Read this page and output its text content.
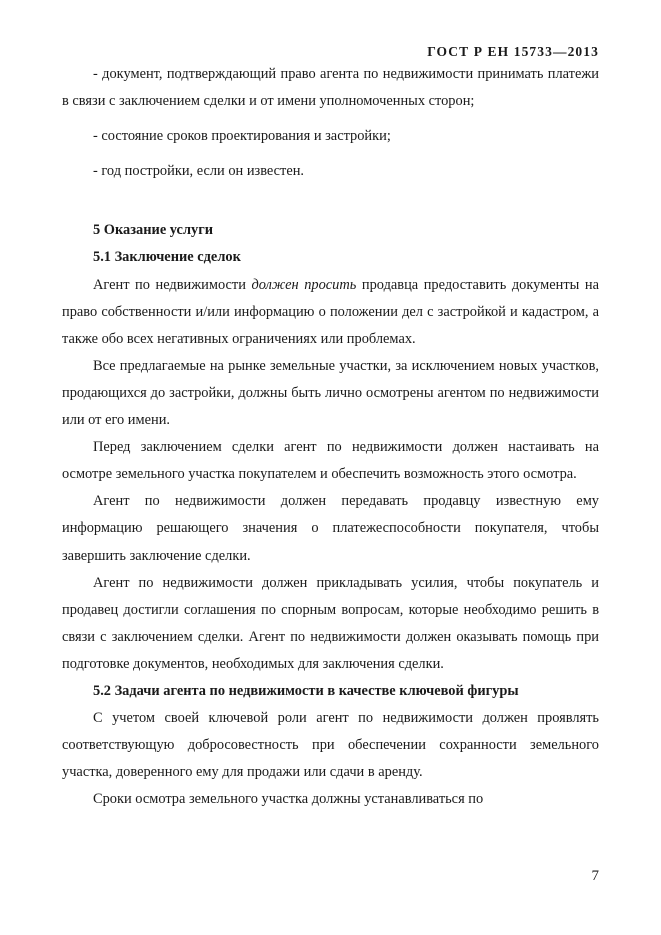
ГОСТ Р ЕН 15733—2013

- документ, подтверждающий право агента по недвижимости принимать платежи в связи с заключением сделки и от имени уполномоченных сторон;

- состояние сроков проектирования и застройки;

- год постройки, если он известен.

5 Оказание услуги
5.1 Заключение сделок

Агент по недвижимости должен просить продавца предоставить документы на право собственности и/или информацию о положении дел с застройкой и кадастром, а также обо всех негативных ограничениях или проблемах.

Все предлагаемые на рынке земельные участки, за исключением новых участков, продающихся до застройки, должны быть лично осмотрены агентом по недвижимости или от его имени.

Перед заключением сделки агент по недвижимости должен настаивать на осмотре земельного участка покупателем и обеспечить возможность этого осмотра.

Агент по недвижимости должен передавать продавцу известную ему информацию решающего значения о платежеспособности покупателя, чтобы завершить заключение сделки.

Агент по недвижимости должен прикладывать усилия, чтобы покупатель и продавец достигли соглашения по спорным вопросам, которые необходимо решить в связи с заключением сделки. Агент по недвижимости должен оказывать помощь при подготовке документов, необходимых для заключения сделки.

5.2 Задачи агента по недвижимости в качестве ключевой фигуры

С учетом своей ключевой роли агент по недвижимости должен проявлять соответствующую добросовестность при обеспечении сохранности земельного участка, доверенного ему для продажи или сдачи в аренду.

Сроки осмотра земельного участка должны устанавливаться по

7
